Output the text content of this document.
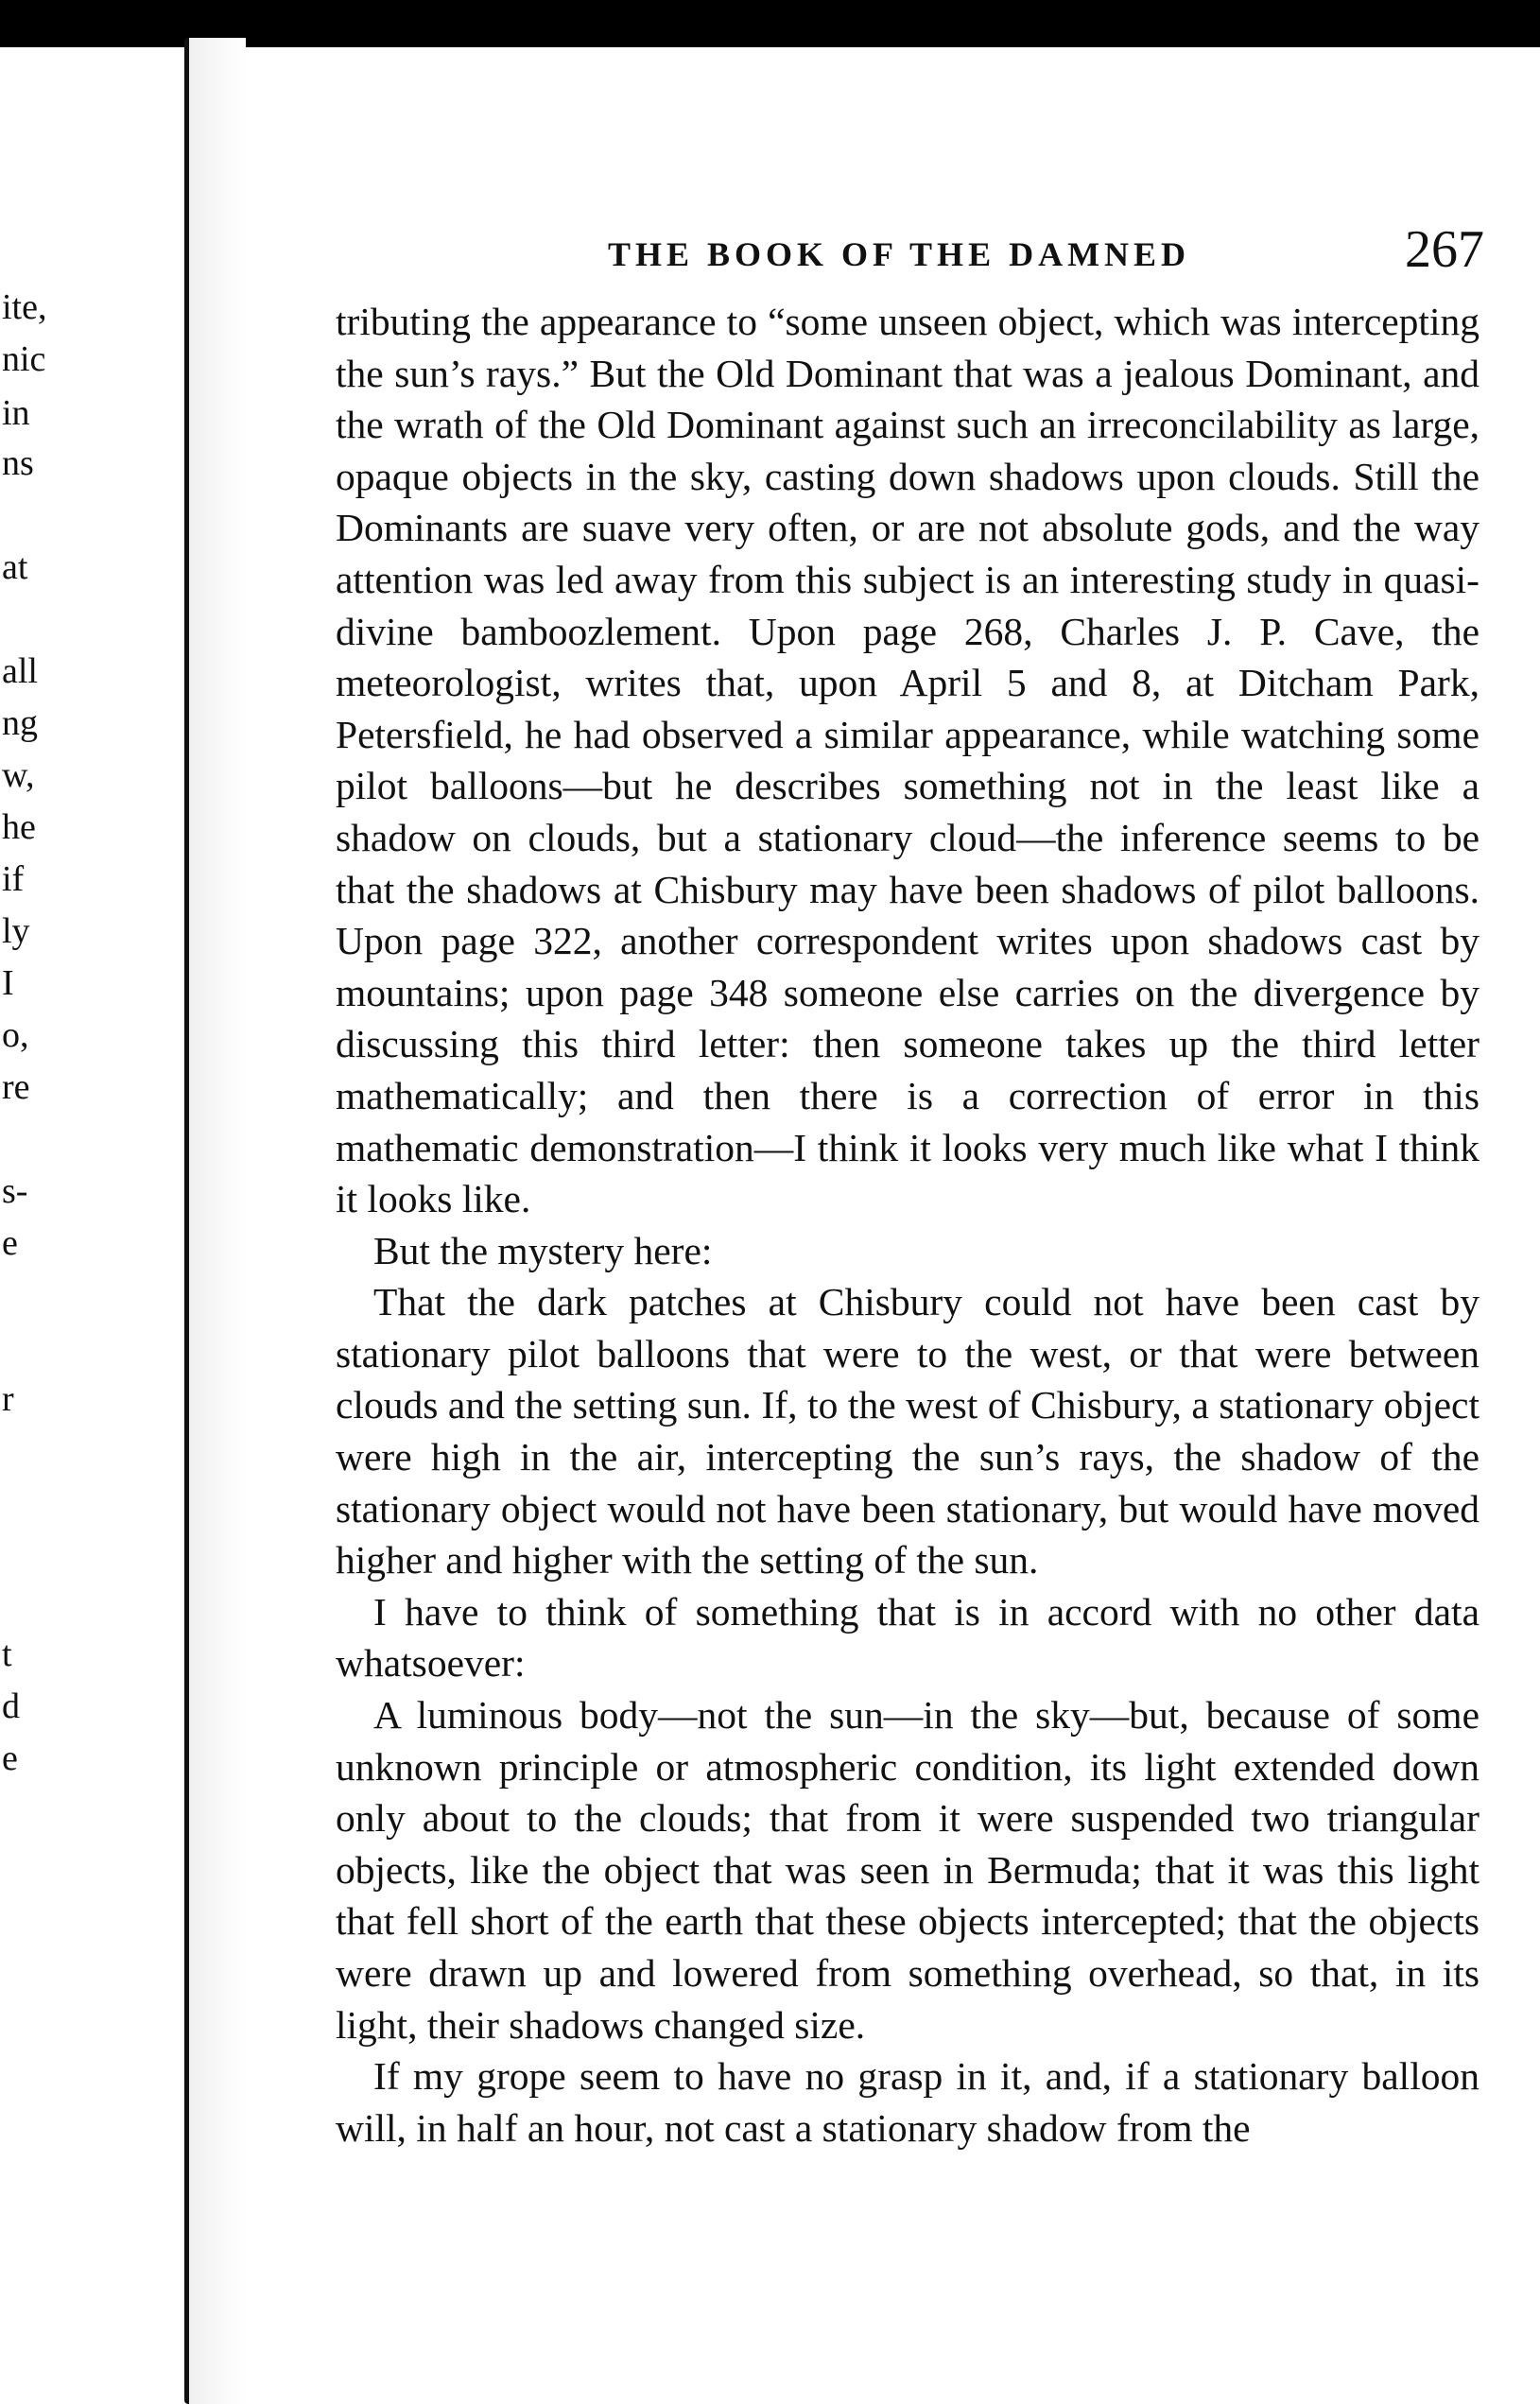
ite,
nic
in
ns
at
all
ng
w,
he
if
ly
I
o,
re
s-
e
r
t
d
e
THE BOOK OF THE DAMNED	267

tributing the appearance to “some unseen object, which was intercepting the sun’s rays.” But the Old Dominant that was a jealous Dominant, and the wrath of the Old Dominant against such an irreconcilability as large, opaque objects in the sky, casting down shadows upon clouds. Still the Dominants are suave very often, or are not absolute gods, and the way attention was led away from this subject is an interesting study in quasi-divine bamboozlement. Upon page 268, Charles J. P. Cave, the meteorologist, writes that, upon April 5 and 8, at Ditcham Park, Petersfield, he had observed a similar appearance, while watching some pilot balloons—but he describes something not in the least like a shadow on clouds, but a stationary cloud—the inference seems to be that the shadows at Chisbury may have been shadows of pilot balloons. Upon page 322, another correspondent writes upon shadows cast by mountains; upon page 348 someone else carries on the divergence by discussing this third letter: then someone takes up the third letter mathematically; and then there is a correction of error in this mathematic demonstration—I think it looks very much like what I think it looks like.

But the mystery here:

That the dark patches at Chisbury could not have been cast by stationary pilot balloons that were to the west, or that were between clouds and the setting sun. If, to the west of Chisbury, a stationary object were high in the air, intercepting the sun’s rays, the shadow of the stationary object would not have been stationary, but would have moved higher and higher with the setting of the sun.

I have to think of something that is in accord with no other data whatsoever:

A luminous body—not the sun—in the sky—but, because of some unknown principle or atmospheric condition, its light extended down only about to the clouds; that from it were suspended two triangular objects, like the object that was seen in Bermuda; that it was this light that fell short of the earth that these objects intercepted; that the objects were drawn up and lowered from something overhead, so that, in its light, their shadows changed size.

If my grope seem to have no grasp in it, and, if a stationary balloon will, in half an hour, not cast a stationary shadow from the
